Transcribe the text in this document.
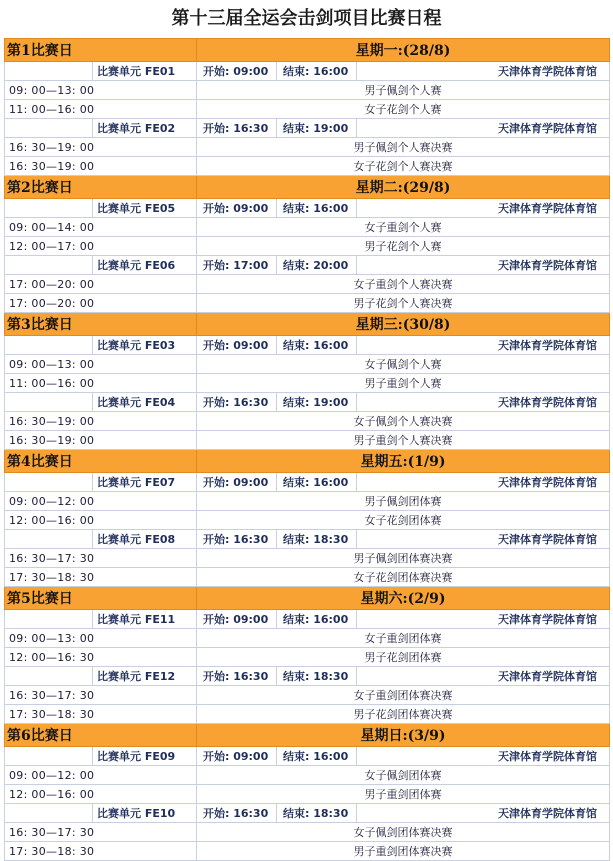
第十三届全运会击剑项目比赛日程
第1比赛日		星期一:(28/8)		
	比赛单元 FE01	开始: 09:00	结束: 16:00	天津体育学院体育馆
09: 00—13: 00		男子佩剑个人赛		
11: 00—16: 00		女子花剑个人赛		
	比赛单元 FE02	开始: 16:30	结束: 19:00	天津体育学院体育馆
16: 30—19: 00		男子佩剑个人赛决赛		
16: 30—19: 00		女子花剑个人赛决赛		
第2比赛日		星期二:(29/8)		
	比赛单元 FE05	开始: 09:00	结束: 16:00	天津体育学院体育馆
09: 00—14: 00		女子重剑个人赛		
12: 00—17: 00		男子花剑个人赛		
	比赛单元 FE06	开始: 17:00	结束: 20:00	天津体育学院体育馆
17: 00—20: 00		女子重剑个人赛决赛		
17: 00—20: 00		男子花剑个人赛决赛		
第3比赛日		星期三:(30/8)		
	比赛单元 FE03	开始: 09:00	结束: 16:00	天津体育学院体育馆
09: 00—13: 00		女子佩剑个人赛		
11: 00—16: 00		男子重剑个人赛		
	比赛单元 FE04	开始: 16:30	结束: 19:00	天津体育学院体育馆
16: 30—19: 00		女子佩剑个人赛决赛		
16: 30—19: 00		男子重剑个人赛决赛		
第4比赛日		星期五:(1/9)		
	比赛单元 FE07	开始: 09:00	结束: 16:00	天津体育学院体育馆
09: 00—12: 00		男子佩剑团体赛		
12: 00—16: 00		女子花剑团体赛		
	比赛单元 FE08	开始: 16:30	结束: 18:30	天津体育学院体育馆
16: 30—17: 30		男子佩剑团体赛决赛		
17: 30—18: 30		女子花剑团体赛决赛		
第5比赛日		星期六:(2/9)		
	比赛单元 FE11	开始: 09:00	结束: 16:00	天津体育学院体育馆
09: 00—13: 00		女子重剑团体赛		
12: 00—16: 30		男子花剑团体赛		
	比赛单元 FE12	开始: 16:30	结束: 18:30	天津体育学院体育馆
16: 30—17: 30		女子重剑团体赛决赛		
17: 30—18: 30		男子花剑团体赛决赛		
第6比赛日		星期日:(3/9)		
	比赛单元 FE09	开始: 09:00	结束: 16:00	天津体育学院体育馆
09: 00—12: 00		女子佩剑团体赛		
12: 00—16: 00		男子重剑团体赛		
	比赛单元 FE10	开始: 16:30	结束: 18:30	天津体育学院体育馆
16: 30—17: 30		女子佩剑团体赛决赛		
17: 30—18: 30		男子重剑团体赛决赛		
